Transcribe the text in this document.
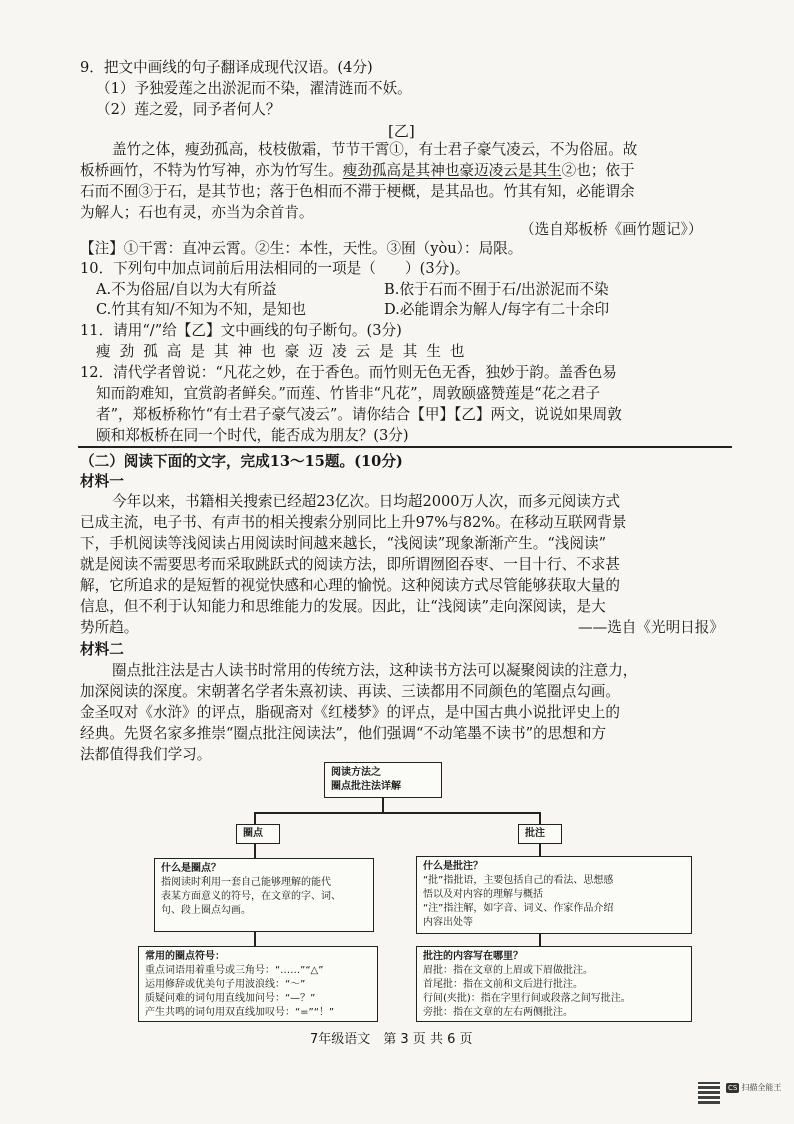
9．把文中画线的句子翻译成现代汉语。(4分)
（1）予独爱莲之出淤泥而不染，濯清涟而不妖。
（2）莲之爱，同予者何人？
[乙]
盖竹之体，瘦劲孤高，枝枝傲霜，节节干霄①，有士君子豪气凌云，不为俗屈。故
板桥画竹，不特为竹写神，亦为竹写生。瘦劲孤高是其神也豪迈凌云是其生②也；依于
石而不囿③于石，是其节也；落于色相而不滞于梗概，是其品也。竹其有知，必能谓余
为解人；石也有灵，亦当为余首肯。
（选自郑板桥《画竹题记》）
【注】①干霄：直冲云霄。②生：本性，天性。③囿（yòu）：局限。
10．下列句中加点词前后用法相同的一项是（　　）(3分)。
A.不为俗屈/自以为大有所益	B.依于石而不囿于石/出淤泥而不染
C.竹其有知/不知为不知，是知也	D.必能谓余为解人/每字有二十余印
11．请用“/”给【乙】文中画线的句子断句。(3分)
瘦劲孤高是其神也豪迈凌云是其生也
12．清代学者曾说：“凡花之妙，在于香色。而竹则无色无香，独妙于韵。盖香色易
知而韵难知，宜赏韵者鲜矣。”而莲、竹皆非“凡花”，周敦颐盛赞莲是“花之君子
者”，郑板桥称竹“有士君子豪气凌云”。请你结合【甲】【乙】两文，说说如果周敦
颐和郑板桥在同一个时代，能否成为朋友？(3分)
（二）阅读下面的文字，完成13～15题。(10分)
材料一
今年以来，书籍相关搜索已经超23亿次。日均超2000万人次，而多元阅读方式
已成主流，电子书、有声书的相关搜索分别同比上升97%与82%。在移动互联网背景
下，手机阅读等浅阅读占用阅读时间越来越长，“浅阅读”现象渐渐产生。“浅阅读”
就是阅读不需要思考而采取跳跃式的阅读方法，即所谓囫囵吞枣、一目十行、不求甚
解，它所追求的是短暂的视觉快感和心理的愉悦。这种阅读方式尽管能够获取大量的
信息，但不利于认知能力和思维能力的发展。因此，让“浅阅读”走向深阅读，是大
势所趋。	——选自《光明日报》
材料二
圈点批注法是古人读书时常用的传统方法，这种读书方法可以凝聚阅读的注意力，
加深阅读的深度。宋朝著名学者朱熹初读、再读、三读都用不同颜色的笔圈点勾画。
金圣叹对《水浒》的评点，脂砚斋对《红楼梦》的评点，是中国古典小说批评史上的
经典。先贤名家多推崇“圈点批注阅读法”，他们强调“不动笔墨不读书”的思想和方
法都值得我们学习。
阅读方法之
圈点批注法详解
圈点	批注
什么是圈点？
指阅读时利用一套自己能够理解的能代
表某方面意义的符号，在文章的字、词、
句、段上圈点勾画。
什么是批注？
“批”指批语，主要包括自己的看法、思想感
悟以及对内容的理解与概括
“注”指注解，如字音、词义、作家作品介绍
内容出处等
常用的圈点符号：
重点词语用着重号或三角号：“……”“△”
运用修辞或优美句子用波浪线：“～”
质疑问难的词句用直线加问号：“—？”
产生共鸣的词句用双直线加叹号：“=”“！”
批注的内容写在哪里？
眉批：指在文章的上眉或下眉做批注。
首尾批：指在文前和文后进行批注。
行间(夹批)：指在字里行间或段落之间写批注。
旁批：指在文章的左右两侧批注。
7年级语文　第 3 页 共 6 页
CS 扫描全能王
